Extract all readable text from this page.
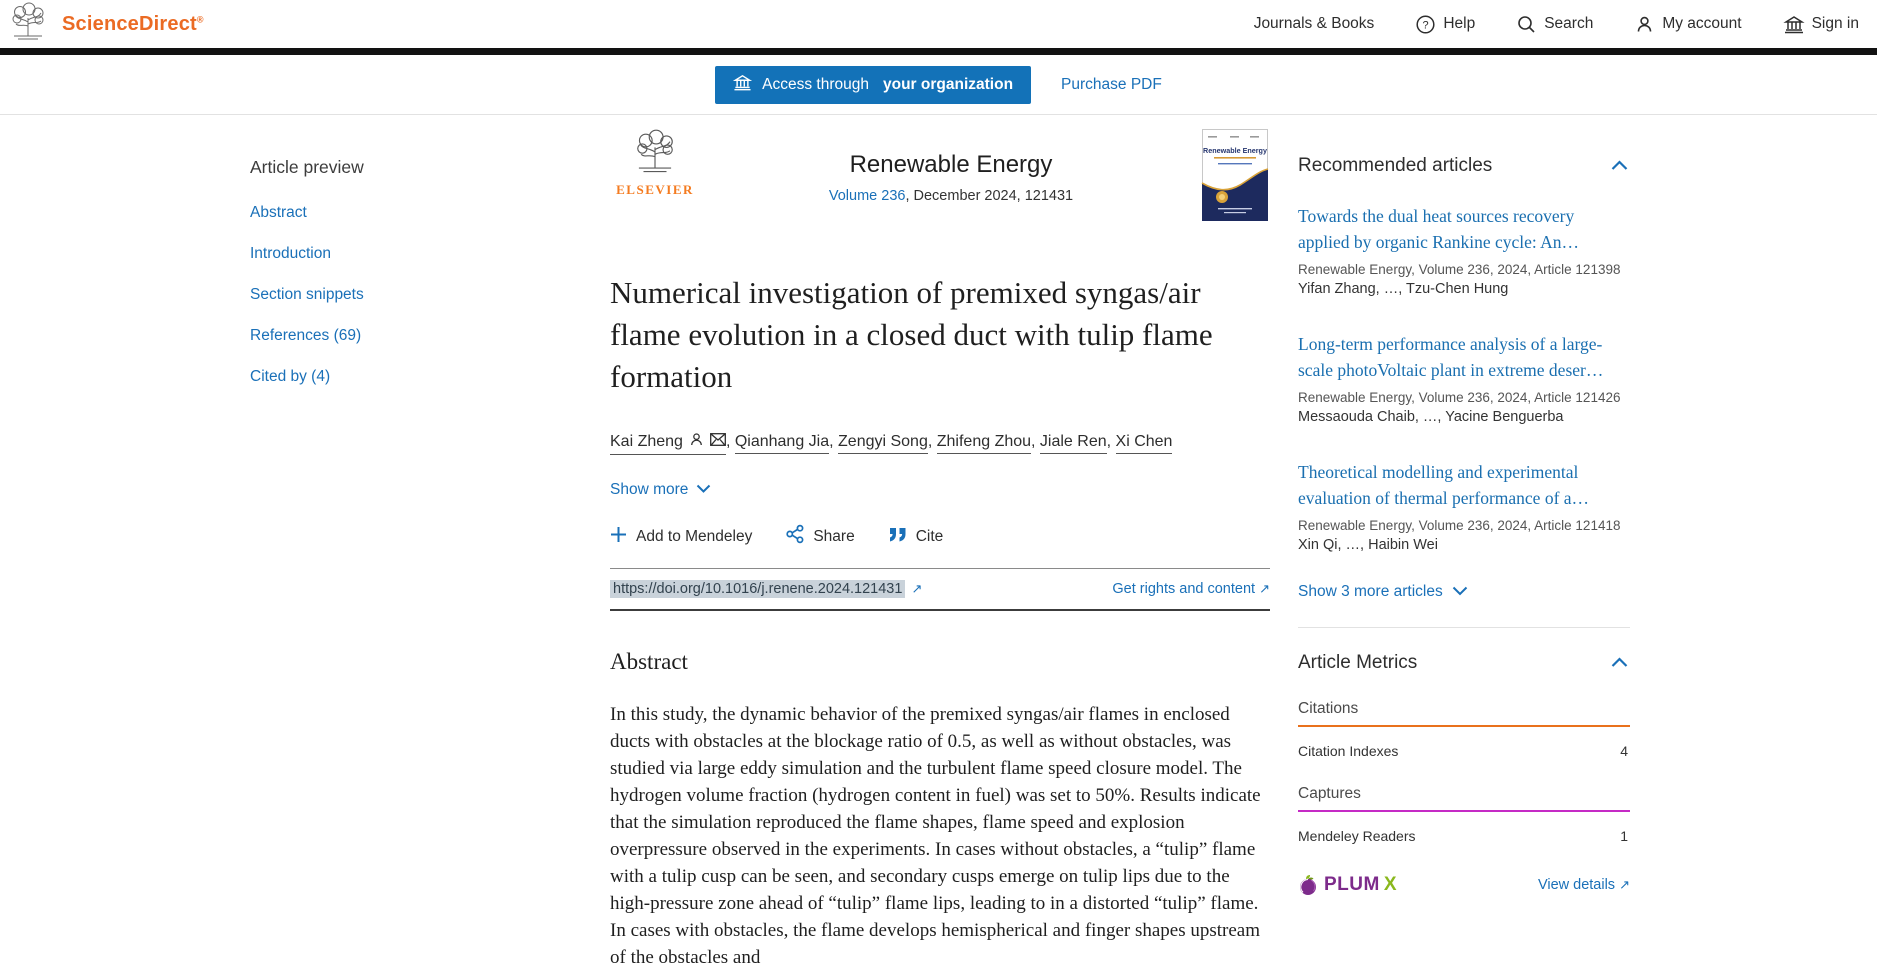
ScienceDirect®	Journals & Books	? Help	Search	My account	Sign in
Access through your organization	Purchase PDF
Article preview
Abstract
Introduction
Section snippets
References (69)
Cited by (4)
ELSEVIER
Renewable Energy
Volume 236, December 2024, 121431
Renewable Energy
Numerical investigation of premixed syngas/air flame evolution in a closed duct with tulip flame formation
Kai Zheng	, Qianhang Jia , Zengyi Song , Zhifeng Zhou , Jiale Ren , Xi Chen
Show more
Add to Mendeley	Share	Cite
https://doi.org/10.1016/j.renene.2024.121431 ↗	Get rights and content ↗
Abstract

In this study, the dynamic behavior of the premixed syngas/air flames in enclosed ducts with obstacles at the blockage ratio of 0.5, as well as without obstacles, was studied via large eddy simulation and the turbulent flame speed closure model. The hydrogen volume fraction (hydrogen content in fuel) was set to 50%. Results indicate that the simulation reproduced the flame shapes, flame speed and explosion overpressure observed in the experiments. In cases without obstacles, a “tulip” flame with a tulip cusp can be seen, and secondary cusps emerge on tulip lips due to the high-pressure zone ahead of “tulip” flame lips, leading to in a distorted “tulip” flame. In cases with obstacles, the flame develops hemispherical and finger shapes upstream of the obstacles and

Recommended articles
Towards the dual heat sources recovery applied by organic Rankine cycle: An…
Renewable Energy, Volume 236, 2024, Article 121398
Yifan Zhang, …, Tzu-Chen Hung
Long-term performance analysis of a large-scale photoVoltaic plant in extreme deser…
Renewable Energy, Volume 236, 2024, Article 121426
Messaouda Chaib, …, Yacine Benguerba
Theoretical modelling and experimental evaluation of thermal performance of a…
Renewable Energy, Volume 236, 2024, Article 121418
Xin Qi, …, Haibin Wei
Show 3 more articles
Article Metrics
Citations
Citation Indexes	4
Captures
Mendeley Readers	1
PLUM X	View details ↗
